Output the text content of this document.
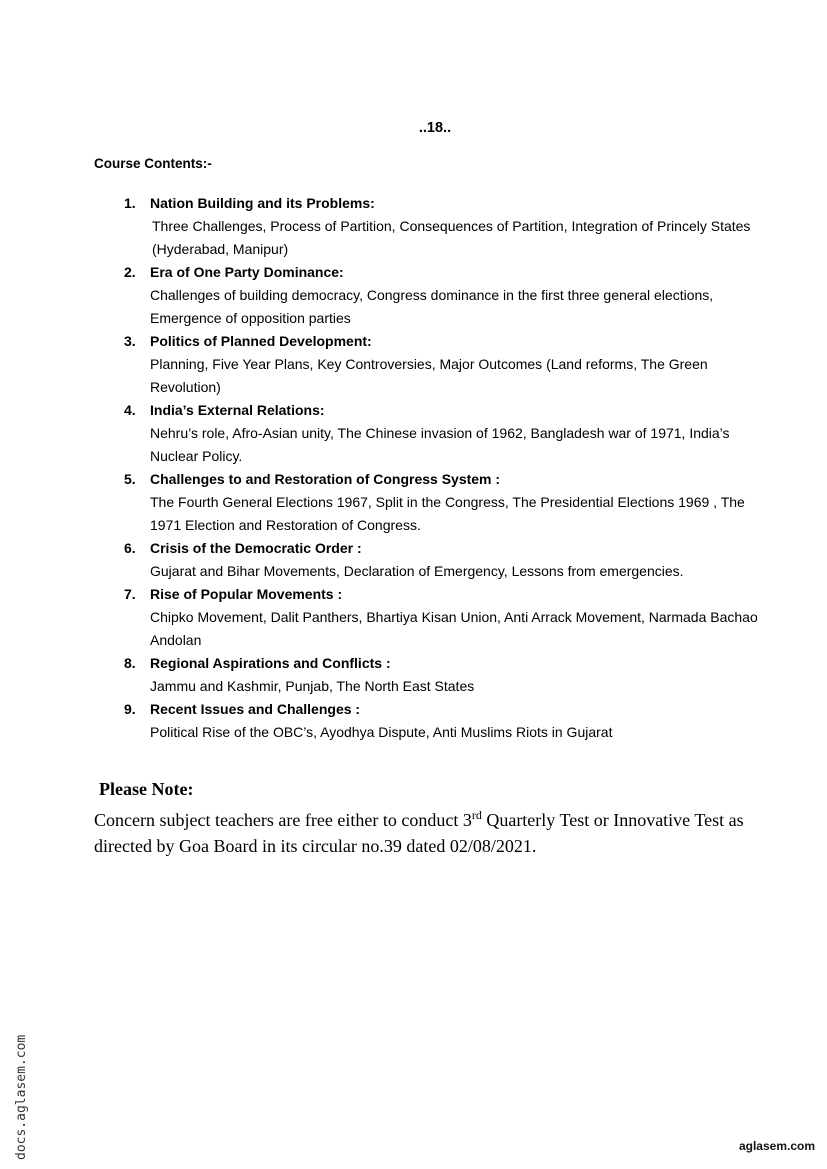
..18..
Course Contents:-
1. Nation Building and its Problems:
Three Challenges, Process of Partition, Consequences of Partition, Integration of Princely States (Hyderabad, Manipur)
2. Era of One Party Dominance:
Challenges of building democracy, Congress dominance in the first three general elections, Emergence of opposition parties
3. Politics of Planned Development:
Planning, Five Year Plans, Key Controversies, Major Outcomes (Land reforms, The Green Revolution)
4. India’s External Relations:
Nehru’s role, Afro-Asian unity, The Chinese invasion of 1962, Bangladesh war of 1971, India’s Nuclear Policy.
5. Challenges to and Restoration of Congress System :
The Fourth General Elections 1967, Split in the Congress, The Presidential Elections 1969 , The 1971 Election and Restoration of Congress.
6. Crisis of the Democratic Order :
Gujarat and Bihar Movements, Declaration of Emergency, Lessons from emergencies.
7. Rise of Popular Movements :
Chipko Movement, Dalit Panthers, Bhartiya Kisan Union, Anti Arrack Movement, Narmada Bachao Andolan
8. Regional Aspirations and Conflicts :
Jammu and Kashmir, Punjab, The North East States
9. Recent Issues and Challenges :
Political Rise of the OBC’s, Ayodhya Dispute, Anti Muslims Riots in Gujarat
Please Note:
Concern subject teachers are free either to conduct 3rd Quarterly Test or Innovative Test as directed by Goa Board in its circular no.39 dated 02/08/2021.
docs.aglasem.com	aglasem.com
